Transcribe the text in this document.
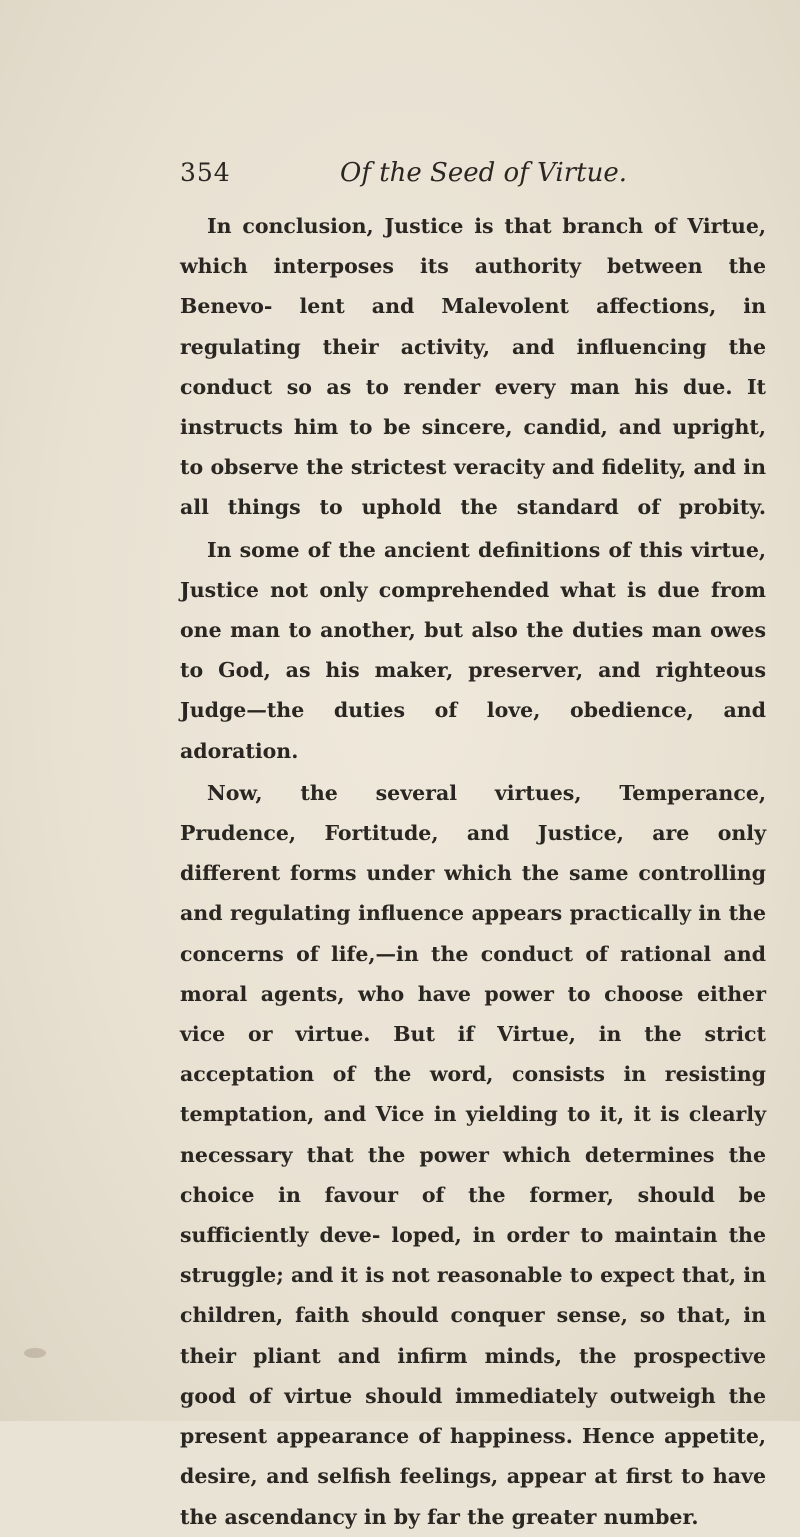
354	Of the Seed of Virtue.

In conclusion, Justice is that branch of Virtue, which interposes its authority between the Benevo- lent and Malevolent affections, in regulating their activity, and influencing the conduct so as to render every man his due. It instructs him to be sincere, candid, and upright, to observe the strictest veracity and fidelity, and in all things to uphold the standard of probity.

In some of the ancient definitions of this virtue, Justice not only comprehended what is due from one man to another, but also the duties man owes to God, as his maker, preserver, and righteous Judge—the duties of love, obedience, and adoration.

Now, the several virtues, Temperance, Prudence, Fortitude, and Justice, are only different forms under which the same controlling and regulating influence appears practically in the concerns of life,—in the conduct of rational and moral agents, who have power to choose either vice or virtue. But if Virtue, in the strict acceptation of the word, consists in resisting temptation, and Vice in yielding to it, it is clearly necessary that the power which determines the choice in favour of the former, should be sufficiently deve- loped, in order to maintain the struggle; and it is not reasonable to expect that, in children, faith should conquer sense, so that, in their pliant and infirm minds, the prospective good of virtue should immediately outweigh the present appearance of happiness. Hence appetite, desire, and selfish feelings, appear at first to have the ascendancy in by far the greater number.
